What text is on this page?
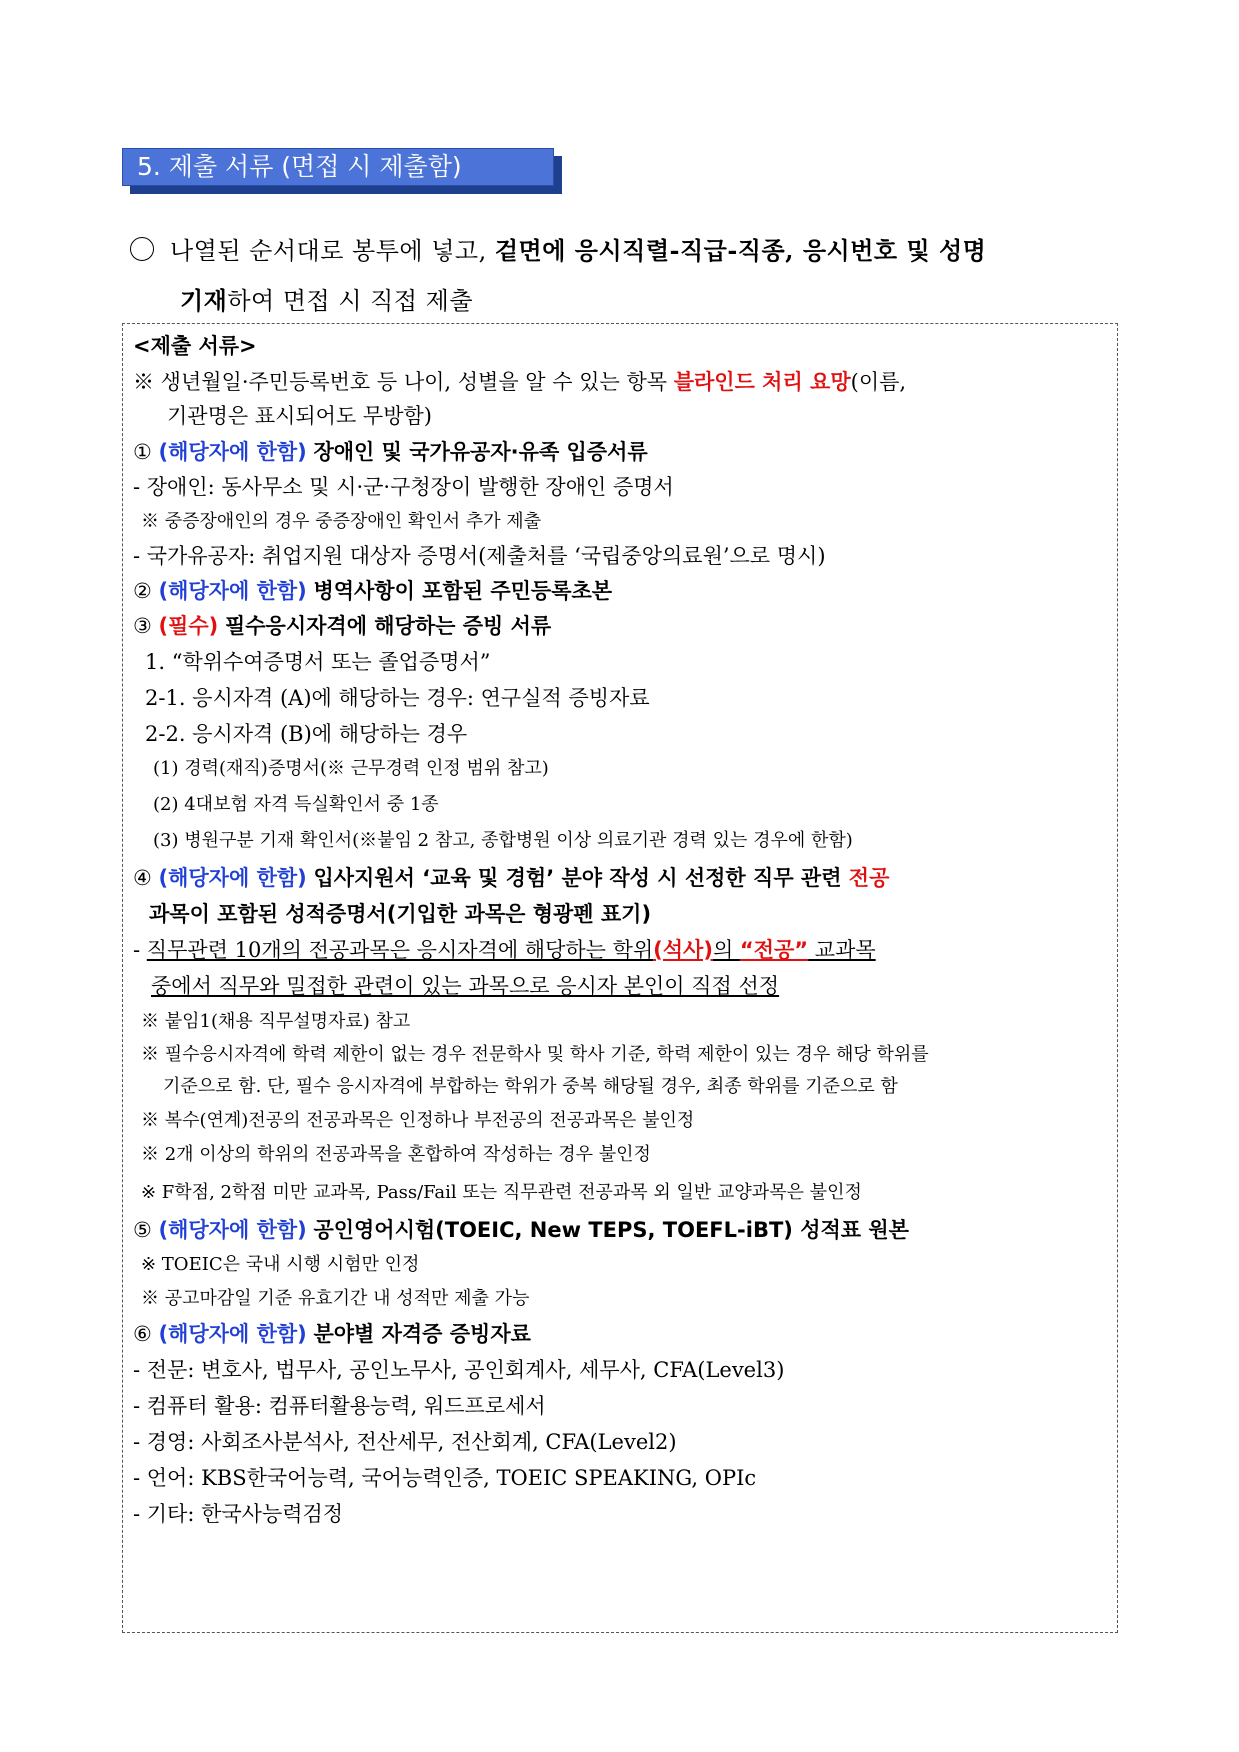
5. 제출 서류 (면접 시 제출함)
나열된 순서대로 봉투에 넣고, 겉면에 응시직렬-직급-직종, 응시번호 및 성명
기재하여 면접 시 직접 제출
<제출 서류>
※ 생년월일·주민등록번호 등 나이, 성별을 알 수 있는 항목 블라인드 처리 요망(이름,
기관명은 표시되어도 무방함)
① (해당자에 한함) 장애인 및 국가유공자·유족 입증서류
- 장애인: 동사무소 및 시·군·구청장이 발행한 장애인 증명서
※ 중증장애인의 경우 중증장애인 확인서 추가 제출
- 국가유공자: 취업지원 대상자 증명서(제출처를 ‘국립중앙의료원’으로 명시)
② (해당자에 한함) 병역사항이 포함된 주민등록초본
③ (필수) 필수응시자격에 해당하는 증빙 서류
1. “학위수여증명서 또는 졸업증명서”
2-1. 응시자격 (A)에 해당하는 경우: 연구실적 증빙자료
2-2. 응시자격 (B)에 해당하는 경우
(1) 경력(재직)증명서(※ 근무경력 인정 범위 참고)
(2) 4대보험 자격 득실확인서 중 1종
(3) 병원구분 기재 확인서(※붙임 2 참고, 종합병원 이상 의료기관 경력 있는 경우에 한함)
④ (해당자에 한함) 입사지원서 ‘교육 및 경험’ 분야 작성 시 선정한 직무 관련 전공
과목이 포함된 성적증명서(기입한 과목은 형광펜 표기)
- 직무관련 10개의 전공과목은 응시자격에 해당하는 학위(석사)의 “전공” 교과목
중에서 직무와 밀접한 관련이 있는 과목으로 응시자 본인이 직접 선정
※ 붙임1(채용 직무설명자료) 참고
※ 필수응시자격에 학력 제한이 없는 경우 전문학사 및 학사 기준, 학력 제한이 있는 경우 해당 학위를
기준으로 함. 단, 필수 응시자격에 부합하는 학위가 중복 해당될 경우, 최종 학위를 기준으로 함
※ 복수(연계)전공의 전공과목은 인정하나 부전공의 전공과목은 불인정
※ 2개 이상의 학위의 전공과목을 혼합하여 작성하는 경우 불인정
※ F학점, 2학점 미만 교과목, Pass/Fail 또는 직무관련 전공과목 외 일반 교양과목은 불인정
⑤ (해당자에 한함) 공인영어시험(TOEIC, New TEPS, TOEFL-iBT) 성적표 원본
※ TOEIC은 국내 시행 시험만 인정
※ 공고마감일 기준 유효기간 내 성적만 제출 가능
⑥ (해당자에 한함) 분야별 자격증 증빙자료
- 전문: 변호사, 법무사, 공인노무사, 공인회계사, 세무사, CFA(Level3)
- 컴퓨터 활용: 컴퓨터활용능력, 워드프로세서
- 경영: 사회조사분석사, 전산세무, 전산회계, CFA(Level2)
- 언어: KBS한국어능력, 국어능력인증, TOEIC SPEAKING, OPIc
- 기타: 한국사능력검정
